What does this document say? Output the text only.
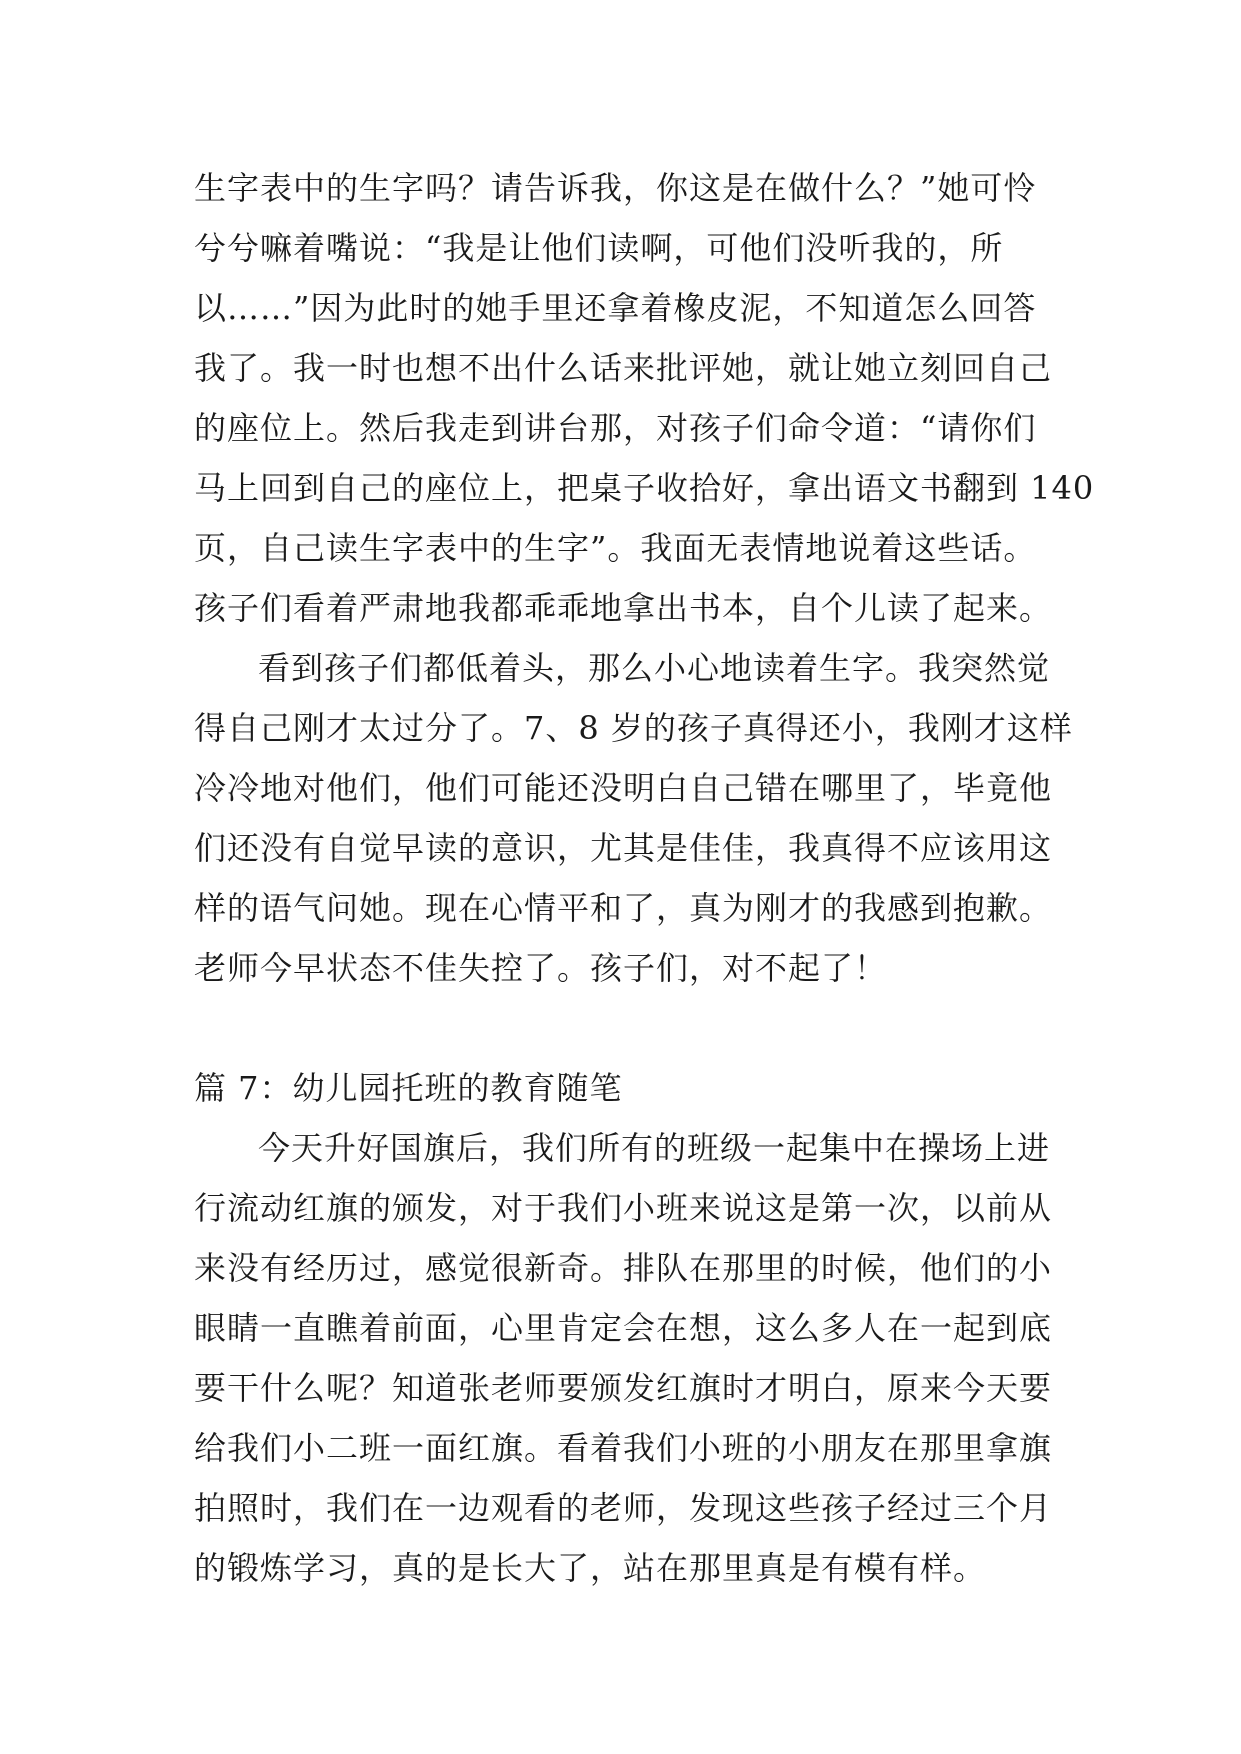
生字表中的生字吗？请告诉我，你这是在做什么？”她可怜
兮兮嘛着嘴说：“我是让他们读啊，可他们没听我的，所
以……”因为此时的她手里还拿着橡皮泥，不知道怎么回答
我了。我一时也想不出什么话来批评她，就让她立刻回自己
的座位上。然后我走到讲台那，对孩子们命令道：“请你们
马上回到自己的座位上，把桌子收拾好，拿出语文书翻到 140
页，自己读生字表中的生字”。我面无表情地说着这些话。
孩子们看着严肃地我都乖乖地拿出书本，自个儿读了起来。
看到孩子们都低着头，那么小心地读着生字。我突然觉
得自己刚才太过分了。7、8 岁的孩子真得还小，我刚才这样
冷冷地对他们，他们可能还没明白自己错在哪里了，毕竟他
们还没有自觉早读的意识，尤其是佳佳，我真得不应该用这
样的语气问她。现在心情平和了，真为刚才的我感到抱歉。
老师今早状态不佳失控了。孩子们，对不起了！
篇 7：幼儿园托班的教育随笔
今天升好国旗后，我们所有的班级一起集中在操场上进
行流动红旗的颁发，对于我们小班来说这是第一次，以前从
来没有经历过，感觉很新奇。排队在那里的时候，他们的小
眼睛一直瞧着前面，心里肯定会在想，这么多人在一起到底
要干什么呢？知道张老师要颁发红旗时才明白，原来今天要
给我们小二班一面红旗。看着我们小班的小朋友在那里拿旗
拍照时，我们在一边观看的老师，发现这些孩子经过三个月
的锻炼学习，真的是长大了，站在那里真是有模有样。
